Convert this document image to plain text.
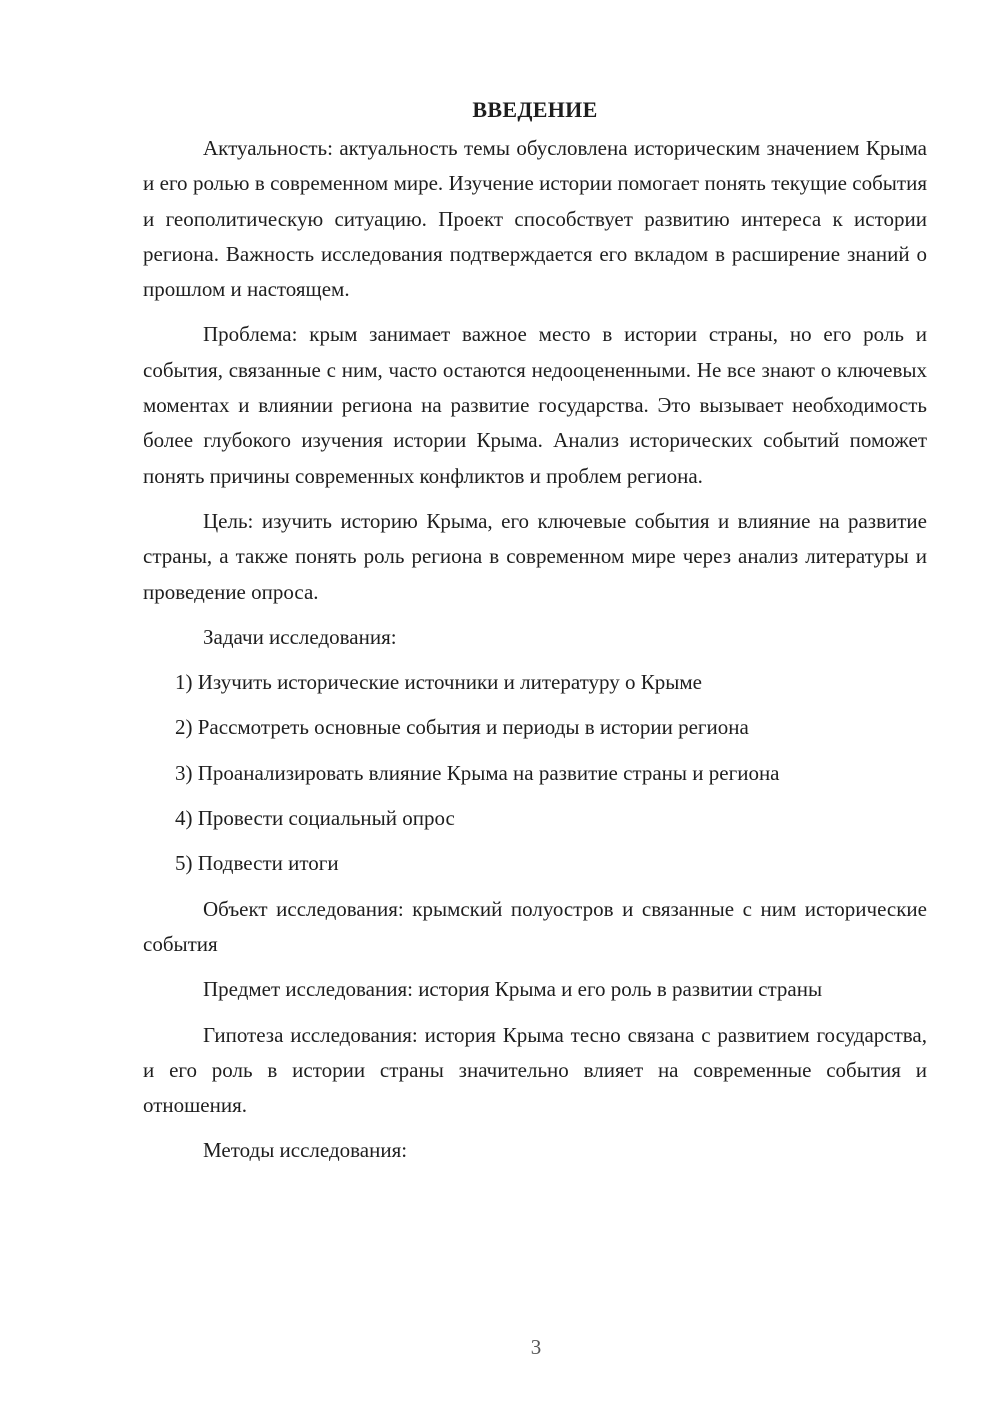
ВВЕДЕНИЕ

Актуальность: актуальность темы обусловлена историческим значением Крыма и его ролью в современном мире. Изучение истории помогает понять текущие события и геополитическую ситуацию. Проект способствует развитию интереса к истории региона. Важность исследования подтверждается его вкладом в расширение знаний о прошлом и настоящем.

Проблема: крым занимает важное место в истории страны, но его роль и события, связанные с ним, часто остаются недооцененными. Не все знают о ключевых моментах и влиянии региона на развитие государства. Это вызывает необходимость более глубокого изучения истории Крыма. Анализ исторических событий поможет понять причины современных конфликтов и проблем региона.

Цель: изучить историю Крыма, его ключевые события и влияние на развитие страны, а также понять роль региона в современном мире через анализ литературы и проведение опроса.

Задачи исследования:

1) Изучить исторические источники и литературу о Крыме
2) Рассмотреть основные события и периоды в истории региона
3) Проанализировать влияние Крыма на развитие страны и региона
4) Провести социальный опрос
5) Подвести итоги

Объект исследования: крымский полуостров и связанные с ним исторические события

Предмет исследования: история Крыма и его роль в развитии страны

Гипотеза исследования: история Крыма тесно связана с развитием государства, и его роль в истории страны значительно влияет на современные события и отношения.

Методы исследования:

3
